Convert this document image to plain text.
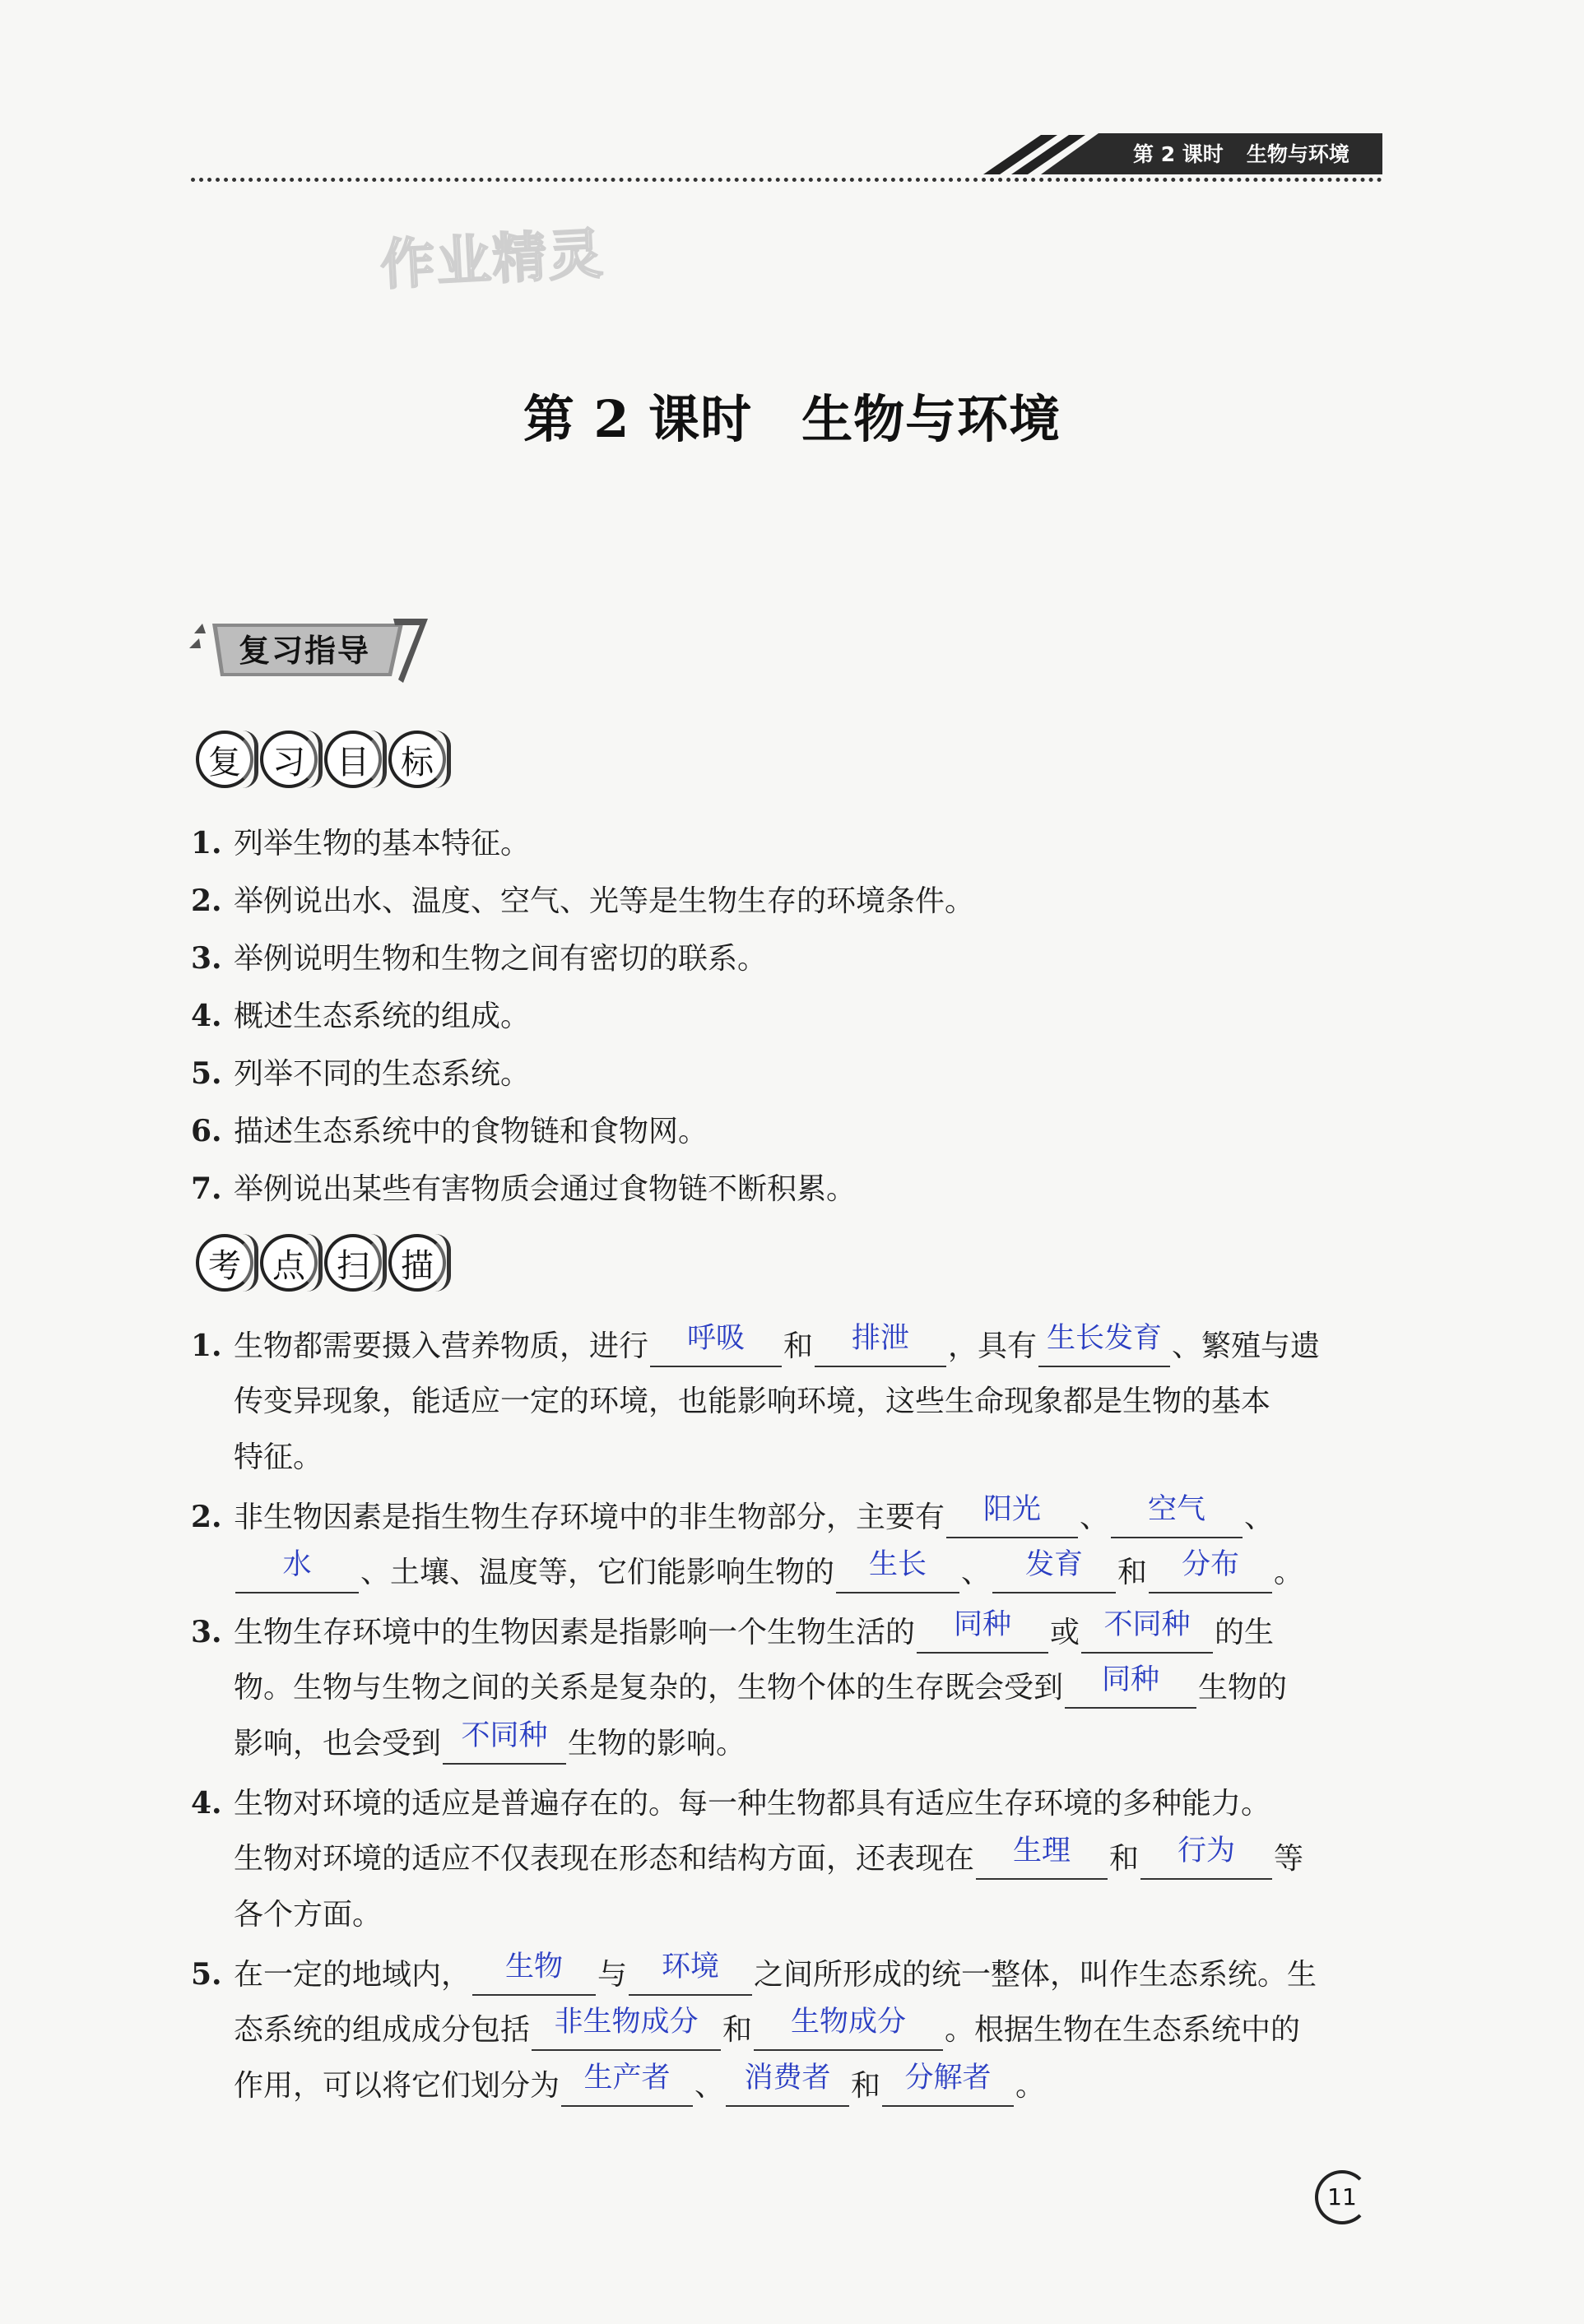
第 2 课时 生物与环境
作业精灵
第 2 课时 生物与环境
复习指导
复 习 目 标
1. 列举生物的基本特征。
2. 举例说出水、温度、空气、光等是生物生存的环境条件。
3. 举例说明生物和生物之间有密切的联系。
4. 概述生态系统的组成。
5. 列举不同的生态系统。
6. 描述生态系统中的食物链和食物网。
7. 举例说出某些有害物质会通过食物链不断积累。
考 点 扫 描
1. 生物都需要摄入营养物质，进行 呼吸 和 排泄 ，具有 生长发育 、繁殖与遗
传变异现象，能适应一定的环境，也能影响环境，这些生命现象都是生物的基本
特征。
2. 非生物因素是指生物生存环境中的非生物部分，主要有 阳光 、 空气 、
水 、土壤、温度等，它们能影响生物的 生长 、 发育 和 分布 。
3. 生物生存环境中的生物因素是指影响一个生物生活的 同种 或 不同种 的生
物。生物与生物之间的关系是复杂的，生物个体的生存既会受到 同种 生物的
影响，也会受到 不同种 生物的影响。
4. 生物对环境的适应是普遍存在的。每一种生物都具有适应生存环境的多种能力。
生物对环境的适应不仅表现在形态和结构方面，还表现在 生理 和 行为 等
各个方面。
5. 在一定的地域内， 生物 与 环境 之间所形成的统一整体，叫作生态系统。生
态系统的组成成分包括 非生物成分 和 生物成分 。根据生物在生态系统中的
作用，可以将它们划分为 生产者 、 消费者 和 分解者 。
11
